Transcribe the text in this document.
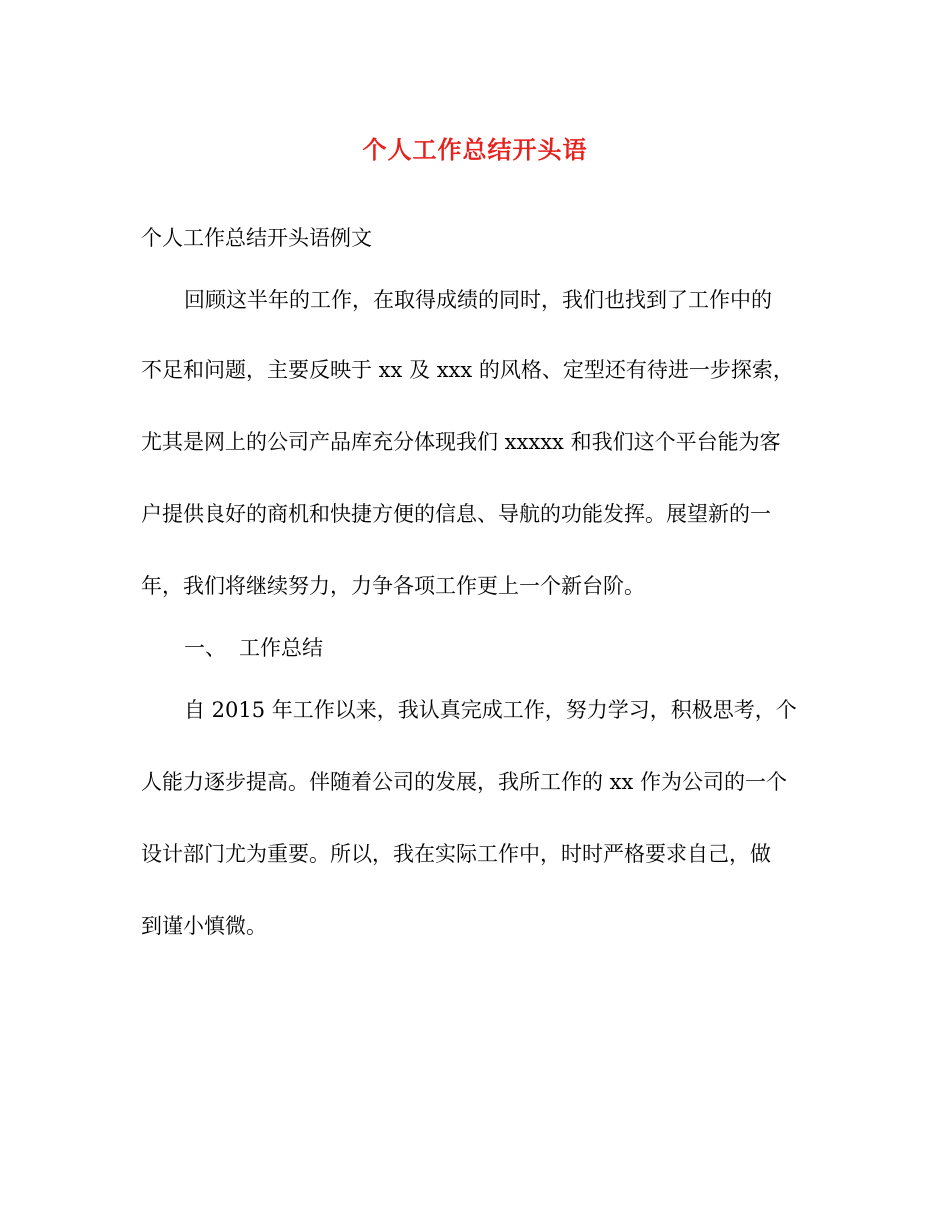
个人工作总结开头语
个人工作总结开头语例文
回顾这半年的工作，在取得成绩的同时，我们也找到了工作中的
不足和问题，主要反映于 xx 及 xxx 的风格、定型还有待进一步探索，
尤其是网上的公司产品库充分体现我们 xxxxx 和我们这个平台能为客
户提供良好的商机和快捷方便的信息、导航的功能发挥。展望新的一
年，我们将继续努力，力争各项工作更上一个新台阶。
一、 工作总结
自 2015 年工作以来，我认真完成工作，努力学习，积极思考，个
人能力逐步提高。伴随着公司的发展，我所工作的 xx 作为公司的一个
设计部门尤为重要。所以，我在实际工作中，时时严格要求自己，做
到谨小慎微。
